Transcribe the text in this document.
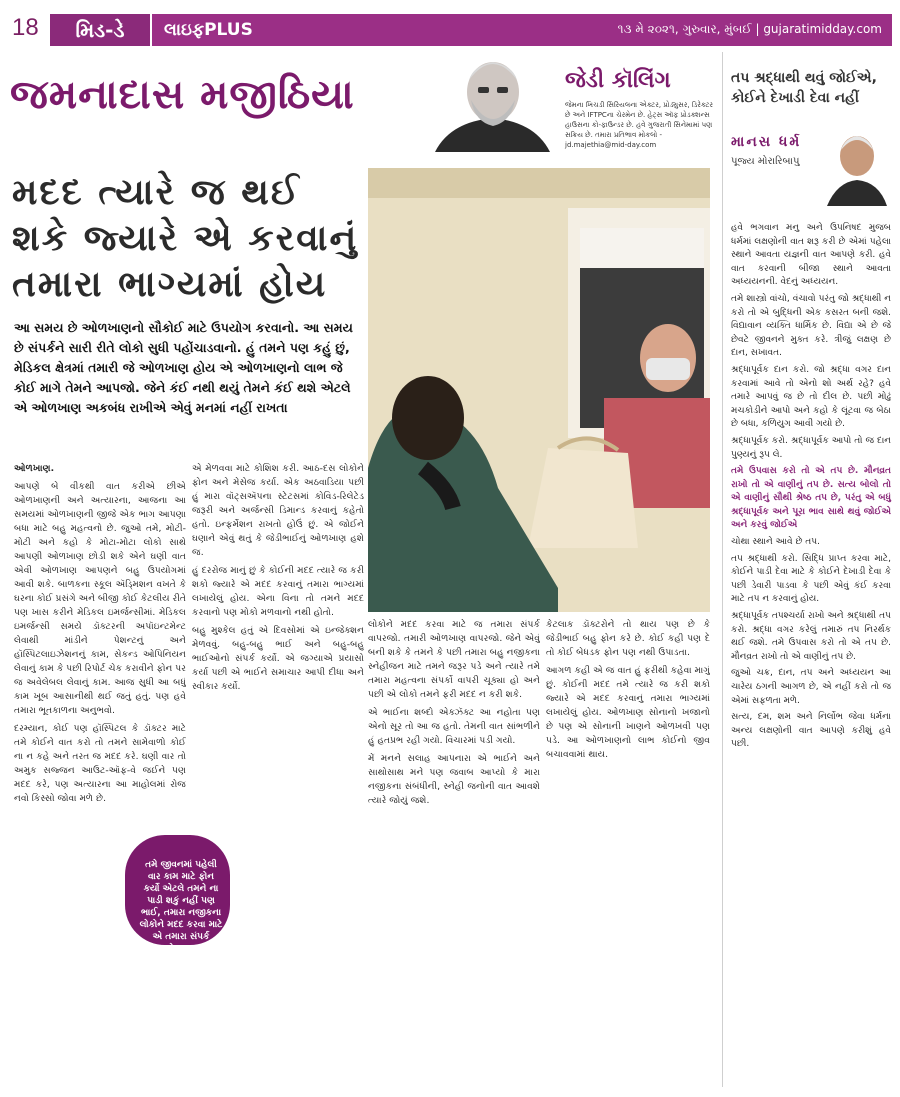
18	મિડ-ડે	લાઇફPLUS	૧૩ મે ૨૦૨૧, ગુરુવાર, મુંબઈ | gujaratimidday.com
જમનાદાસ મજીઠિયા	જેડી કૉલિંગ
જેમના ખિચડી સિરિયલના એક્ટર, પ્રોડ્યુસર, ડિરેક્ટર છે અને IFTPCના ચેરમેન છે. હેટ્સ ઑફ પ્રોડક્શન્સ હાઉસના કો-ફાઉન્ડર છે. હવે ગુજરાતી સિનેમામાં પણ સક્રિય છે. તમારા પ્રતિભાવ મોકલો - jd.majethia@mid-day.com
મદદ ત્યારે જ થઈ શકે જ્યારે એ કરવાનું તમારા ભાગ્યમાં હોય
આ સમય છે ઓળખાણનો સૌકોઈ માટે ઉપયોગ કરવાનો. આ સમય છે સંપર્કને સારી રીતે લોકો સુધી પહોંચાડવાનો. હું તમને પણ કહું છું, મેડિકલ ક્ષેત્રમાં તમારી જે ઓળખાણ હોય એ ઓળખાણનો લાભ જે કોઈ માગે તેમને આપજો. જેને કંઈ નથી થયું તેમને કંઈ થશે એટલે એ ઓળખાણ અકબંધ રાખીએ એવું મનમાં નહીં રાખતા

ઓળખાણ.

આપણે બે વીકથી વાત કરીએ છીએ ઓળખાણની અને અત્યારના, આજના આ સમયમાં ઓળખાણની જીજે એક ભાગ આપણા બધા માટે બહુ મહત્વનો છે. જુઓ તમે, મોટી-મોટી અને કહો કે મોટા-મોટા લોકો સાથે આપણી ઓળખાણ છોડી શકે એને ઘણી વાત એવી ઓળખાણ આપણને બહુ ઉપયોગમાં આવી શકે. બાળકના સ્કૂલ ઍડ્મિશન વખતે કે ઘરના કોઈ પ્રસંગે અને બીજી કોઈ કેટલીય રીતે પણ ખાસ કરીને મેડિકલ ઇમર્જન્સીમાં. મેડિકલ ઇમર્જન્સી સમયે ડૉક્ટરની અપૉઇન્ટમેન્ટ લેવાથી માંડીને પેશન્ટનું અને હૉસ્પિટલાઇઝેશનનું કામ, સેકન્ડ ઓપિનિયન લેવાનું કામ કે પછી રિપોર્ટ ચેક કરાવીને ફોન પર જ અવેલેબલ લેવાનું કામ. આજ સુધી આ બધું કામ ખૂબ આસાનીથી થઈ જતું હતું. પણ હવે તમારા ભૂતકાળના અનુભવો.

દરમ્યાન, કોઈ પણ હૉસ્પિટલ કે ડૉક્ટર માટે તમે કોઈને વાત કરો તો તમને સામેવાળો કોઈ ના ન કહે અને તરત જ મદદ કરે. ઘણી વાર તો અમુક સજ્જન આઉટ-ઑફ-વે જઈને પણ મદદ કરે, પણ અત્યારના આ માહોલમાં રોજ નવો કિસ્સો જોવા મળે છે.

એ મેળવવા માટે કોશિશ કરી. આઠ-દસ લોકોને ફોન અને મેસેજ કર્યા. એક અઠવાડિયા પછી હું મારા વૉટ્સઍપના સ્ટેટસમાં કોવિડ-રિલેટેડ જરૂરી અને અર્જન્સી ડિમાન્ડ કરવાનું કહેતો હતો. ઇન્ફર્મેશન રાખતો હોઉં છું. એ જોઈને ઘણાને એવું થતું કે જેડીભાઈનું ઓળખાણ હશે જ.

હું દરરોજ માનું છું કે કોઈની મદદ ત્યારે જ કરી શકો જ્યારે એ મદદ કરવાનું તમારા ભાગ્યમાં લખાયેલું હોય. એના વિના તો તમને મદદ કરવાનો પણ મોકો મળવાનો નથી હોતો.

બહુ મુશ્કેલ હતું એ દિવસોમાં એ ઇન્જેક્શન મેળવવું. બહુ-બહુ ભાઈ અને બહુ-બહુ ભાઈઓનો સંપર્ક કર્યો. એ જગ્યાએ પ્રયાસો કર્યા પછી એ ભાઈને સમાચાર આપી દીધા અને સ્વીકાર કર્યો.

તમે જીવનમાં પહેલી વાર કામ માટે ફોન કર્યો એટલે તમને ના પાડી શકું નહીં પણ ભાઈ, તમારા નજીકના લોકોને મદદ કરવા માટે એ તમારા સંપર્ક વાપરજો. અત્યારના સમયમાં લોકો એકથી વધુ વાર ફેવર કરતા નથી ને કાં તો કરી શકતા નથી

લોકોને મદદ કરવા માટે જ તમારા સંપર્ક વાપરજો. તમારી ઓળખાણ વાપરજો. જેને એવું બની શકે કે તમને કે પછી તમારા બહુ નજીકના સ્નેહીજન માટે તમને જરૂર પડે અને ત્યારે તમે તમારા મહત્વના સંપર્કો વાપરી ચૂક્યા હો અને પછી એ લોકો તમને ફરી મદદ ન કરી શકે.

એ ભાઈના શબ્દો એક્ઝૅક્ટ આ નહોતા પણ એનો સૂર તો આ જ હતો. તેમની વાત સાંભળીને હું હતપ્રભ રહી ગયો. વિચારમાં પડી ગયો.

મેં મનને સલાહ આપનારા એ ભાઈને અને સાથોસાથ મને પણ જવાબ આપ્યો કે મારા નજીકના સંબંધીની, સ્નેહી જનોની વાત આવશે ત્યારે જોયું જશે.

કેટલાક ડૉક્ટરોને તો થાય પણ છે કે જેડીભાઈ બહુ ફોન કરે છે. કોઈ કહી પણ દે તો કોઈ બેધડક ફોન પણ નથી ઉપાડતા.

આગળ કહી એ જ વાત હું ફરીથી કહેવા માગું છું. કોઈની મદદ તમે ત્યારે જ કરી શકો જ્યારે એ મદદ કરવાનું તમારા ભાગ્યમાં લખાયેલું હોય. ઓળખાણ સોનાનો ખજાનો છે પણ એ સોનાની ખાણને ઓળખવી પણ પડે. આ ઓળખાણનો લાભ કોઈનો જીવ બચાવવામાં થાય.

તપ શ્રદ્ધાથી થવું જોઈએ, કોઈને દેખાડી દેવા નહીં
માનસ ધર્મ
પૂજ્ય મોરારિબાપુ

હવે ભગવાન મનુ અને ઉપનિષદ મુજબ ધર્મમાં લક્ષણોની વાત શરૂ કરી છે એમાં પહેલા સ્થાને આવતા યજ્ઞની વાત આપણે કરી. હવે વાત કરવાની બીજા સ્થાને આવતા અધ્યયનની. વેદનું અધ્યયન.

તમે શાસ્ત્રો વાંચો, વંચાવો પરંતુ જો શ્રદ્ધાથી ન કરો તો એ બુદ્ધિની એક કસરત બની જશે. વિદ્યાવાન વ્યક્તિ ધાર્મિક છે. વિદ્યા એ છે જે છેવટે જીવનને મુક્ત કરે. ત્રીજું લક્ષણ છે દાન, સખાવત.

શ્રદ્ધાપૂર્વક દાન કરો. જો શ્રદ્ધા વગર દાન કરવામાં આવે તો એનો શો અર્થ રહે? હવે તમારે આપવું જ છે તો દીલ છે. પછી મોઢું મચકોડીને આપો અને કહો કે લૂંટવા જ બેઠા છે બધા, કળિયુગ આવી ગયો છે.

શ્રદ્ધાપૂર્વક કરો. શ્રદ્ધાપૂર્વક આપો તો જ દાન પુણ્યનું રૂપ લે.

તમે ઉપવાસ કરો તો એ તપ છે. મૌનવ્રત રાખો તો એ વાણીનું તપ છે. સત્ય બોલો તો એ વાણીનું સૌથી શ્રેષ્ઠ તપ છે, પરંતુ એ બધું શ્રદ્ધાપૂર્વક અને પૂરા ભાવ સાથે થવું જોઈએ અને કરવું જોઈએ

ચોથા સ્થાને આવે છે તપ.

તપ શ્રદ્ધાથી કરો. સિદ્ધિ પ્રાપ્ત કરવા માટે, કોઈને પાડી દેવા માટે કે કોઈને દેખાડી દેવા કે પછી ડેવારી પાડવા કે પછી એવું કંઈ કરવા માટે તપ ન કરવાનું હોય.

શ્રદ્ધાપૂર્વક તપશ્ચર્યા રાખો અને શ્રદ્ધાથી તપ કરો. શ્રદ્ધા વગર કરેલું તમારું તપ નિરર્થક થઈ જશે. તમે ઉપવાસ કરો તો એ તપ છે. મૌનવ્રત રાખો તો એ વાણીનું તપ છે.

જુઓ ચક્ર, દાન, તપ અને અધ્યયન આ ચારેય ઠગની આગળ છે, એ નહીં કરો તો જ એમાં સફળતા મળે.

સત્ય, દમ, શમ અને નિર્લોભ જેવા ધર્મના અન્ય લક્ષણોની વાત આપણે કરીશું હવે પછી.
